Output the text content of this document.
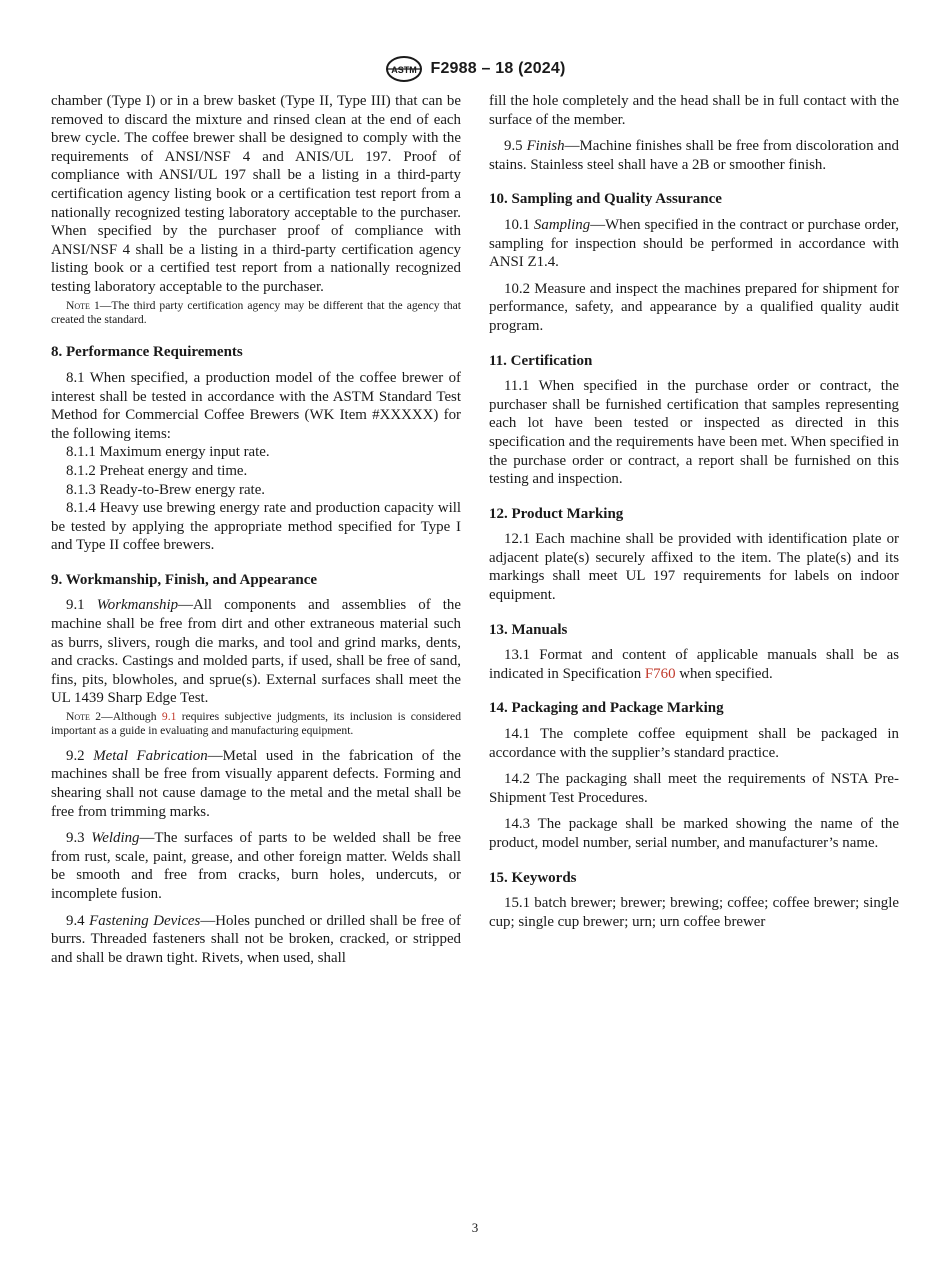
ASTM F2988 – 18 (2024)

chamber (Type I) or in a brew basket (Type II, Type III) that can be removed to discard the mixture and rinsed clean at the end of each brew cycle. The coffee brewer shall be designed to comply with the requirements of ANSI/NSF 4 and ANIS/UL 197. Proof of compliance with ANSI/UL 197 shall be a listing in a third-party certification agency listing book or a certification test report from a nationally recognized testing laboratory acceptable to the purchaser. When specified by the purchaser proof of compliance with ANSI/NSF 4 shall be a listing in a third-party certification agency listing book or a certified test report from a nationally recognized testing laboratory acceptable to the purchaser.

Note 1—The third party certification agency may be different that the agency that created the standard.
8. Performance Requirements

8.1 When specified, a production model of the coffee brewer of interest shall be tested in accordance with the ASTM Standard Test Method for Commercial Coffee Brewers (WK Item #XXXXX) for the following items:

8.1.1 Maximum energy input rate.

8.1.2 Preheat energy and time.

8.1.3 Ready-to-Brew energy rate.

8.1.4 Heavy use brewing energy rate and production capacity will be tested by applying the appropriate method specified for Type I and Type II coffee brewers.

9. Workmanship, Finish, and Appearance

9.1 Workmanship—All components and assemblies of the machine shall be free from dirt and other extraneous material such as burrs, slivers, rough die marks, and tool and grind marks, dents, and cracks. Castings and molded parts, if used, shall be free of sand, fins, pits, blowholes, and sprue(s). External surfaces shall meet the UL 1439 Sharp Edge Test.

Note 2—Although 9.1 requires subjective judgments, its inclusion is considered important as a guide in evaluating and manufacturing equipment.

9.2 Metal Fabrication—Metal used in the fabrication of the machines shall be free from visually apparent defects. Forming and shearing shall not cause damage to the metal and the metal shall be free from trimming marks.

9.3 Welding—The surfaces of parts to be welded shall be free from rust, scale, paint, grease, and other foreign matter. Welds shall be smooth and free from cracks, burn holes, undercuts, or incomplete fusion.

9.4 Fastening Devices—Holes punched or drilled shall be free of burrs. Threaded fasteners shall not be broken, cracked, or stripped and shall be drawn tight. Rivets, when used, shall

fill the hole completely and the head shall be in full contact with the surface of the member.

9.5 Finish—Machine finishes shall be free from discoloration and stains. Stainless steel shall have a 2B or smoother finish.

10. Sampling and Quality Assurance

10.1 Sampling—When specified in the contract or purchase order, sampling for inspection should be performed in accordance with ANSI Z1.4.

10.2 Measure and inspect the machines prepared for shipment for performance, safety, and appearance by a qualified quality audit program.

11. Certification

11.1 When specified in the purchase order or contract, the purchaser shall be furnished certification that samples representing each lot have been tested or inspected as directed in this specification and the requirements have been met. When specified in the purchase order or contract, a report shall be furnished on this testing and inspection.

12. Product Marking

12.1 Each machine shall be provided with identification plate or adjacent plate(s) securely affixed to the item. The plate(s) and its markings shall meet UL 197 requirements for labels on indoor equipment.

13. Manuals

13.1 Format and content of applicable manuals shall be as indicated in Specification F760 when specified.

14. Packaging and Package Marking

14.1 The complete coffee equipment shall be packaged in accordance with the supplier’s standard practice.

14.2 The packaging shall meet the requirements of NSTA Pre-Shipment Test Procedures.

14.3 The package shall be marked showing the name of the product, model number, serial number, and manufacturer’s name.

15. Keywords

15.1 batch brewer; brewer; brewing; coffee; coffee brewer; single cup; single cup brewer; urn; urn coffee brewer

3
